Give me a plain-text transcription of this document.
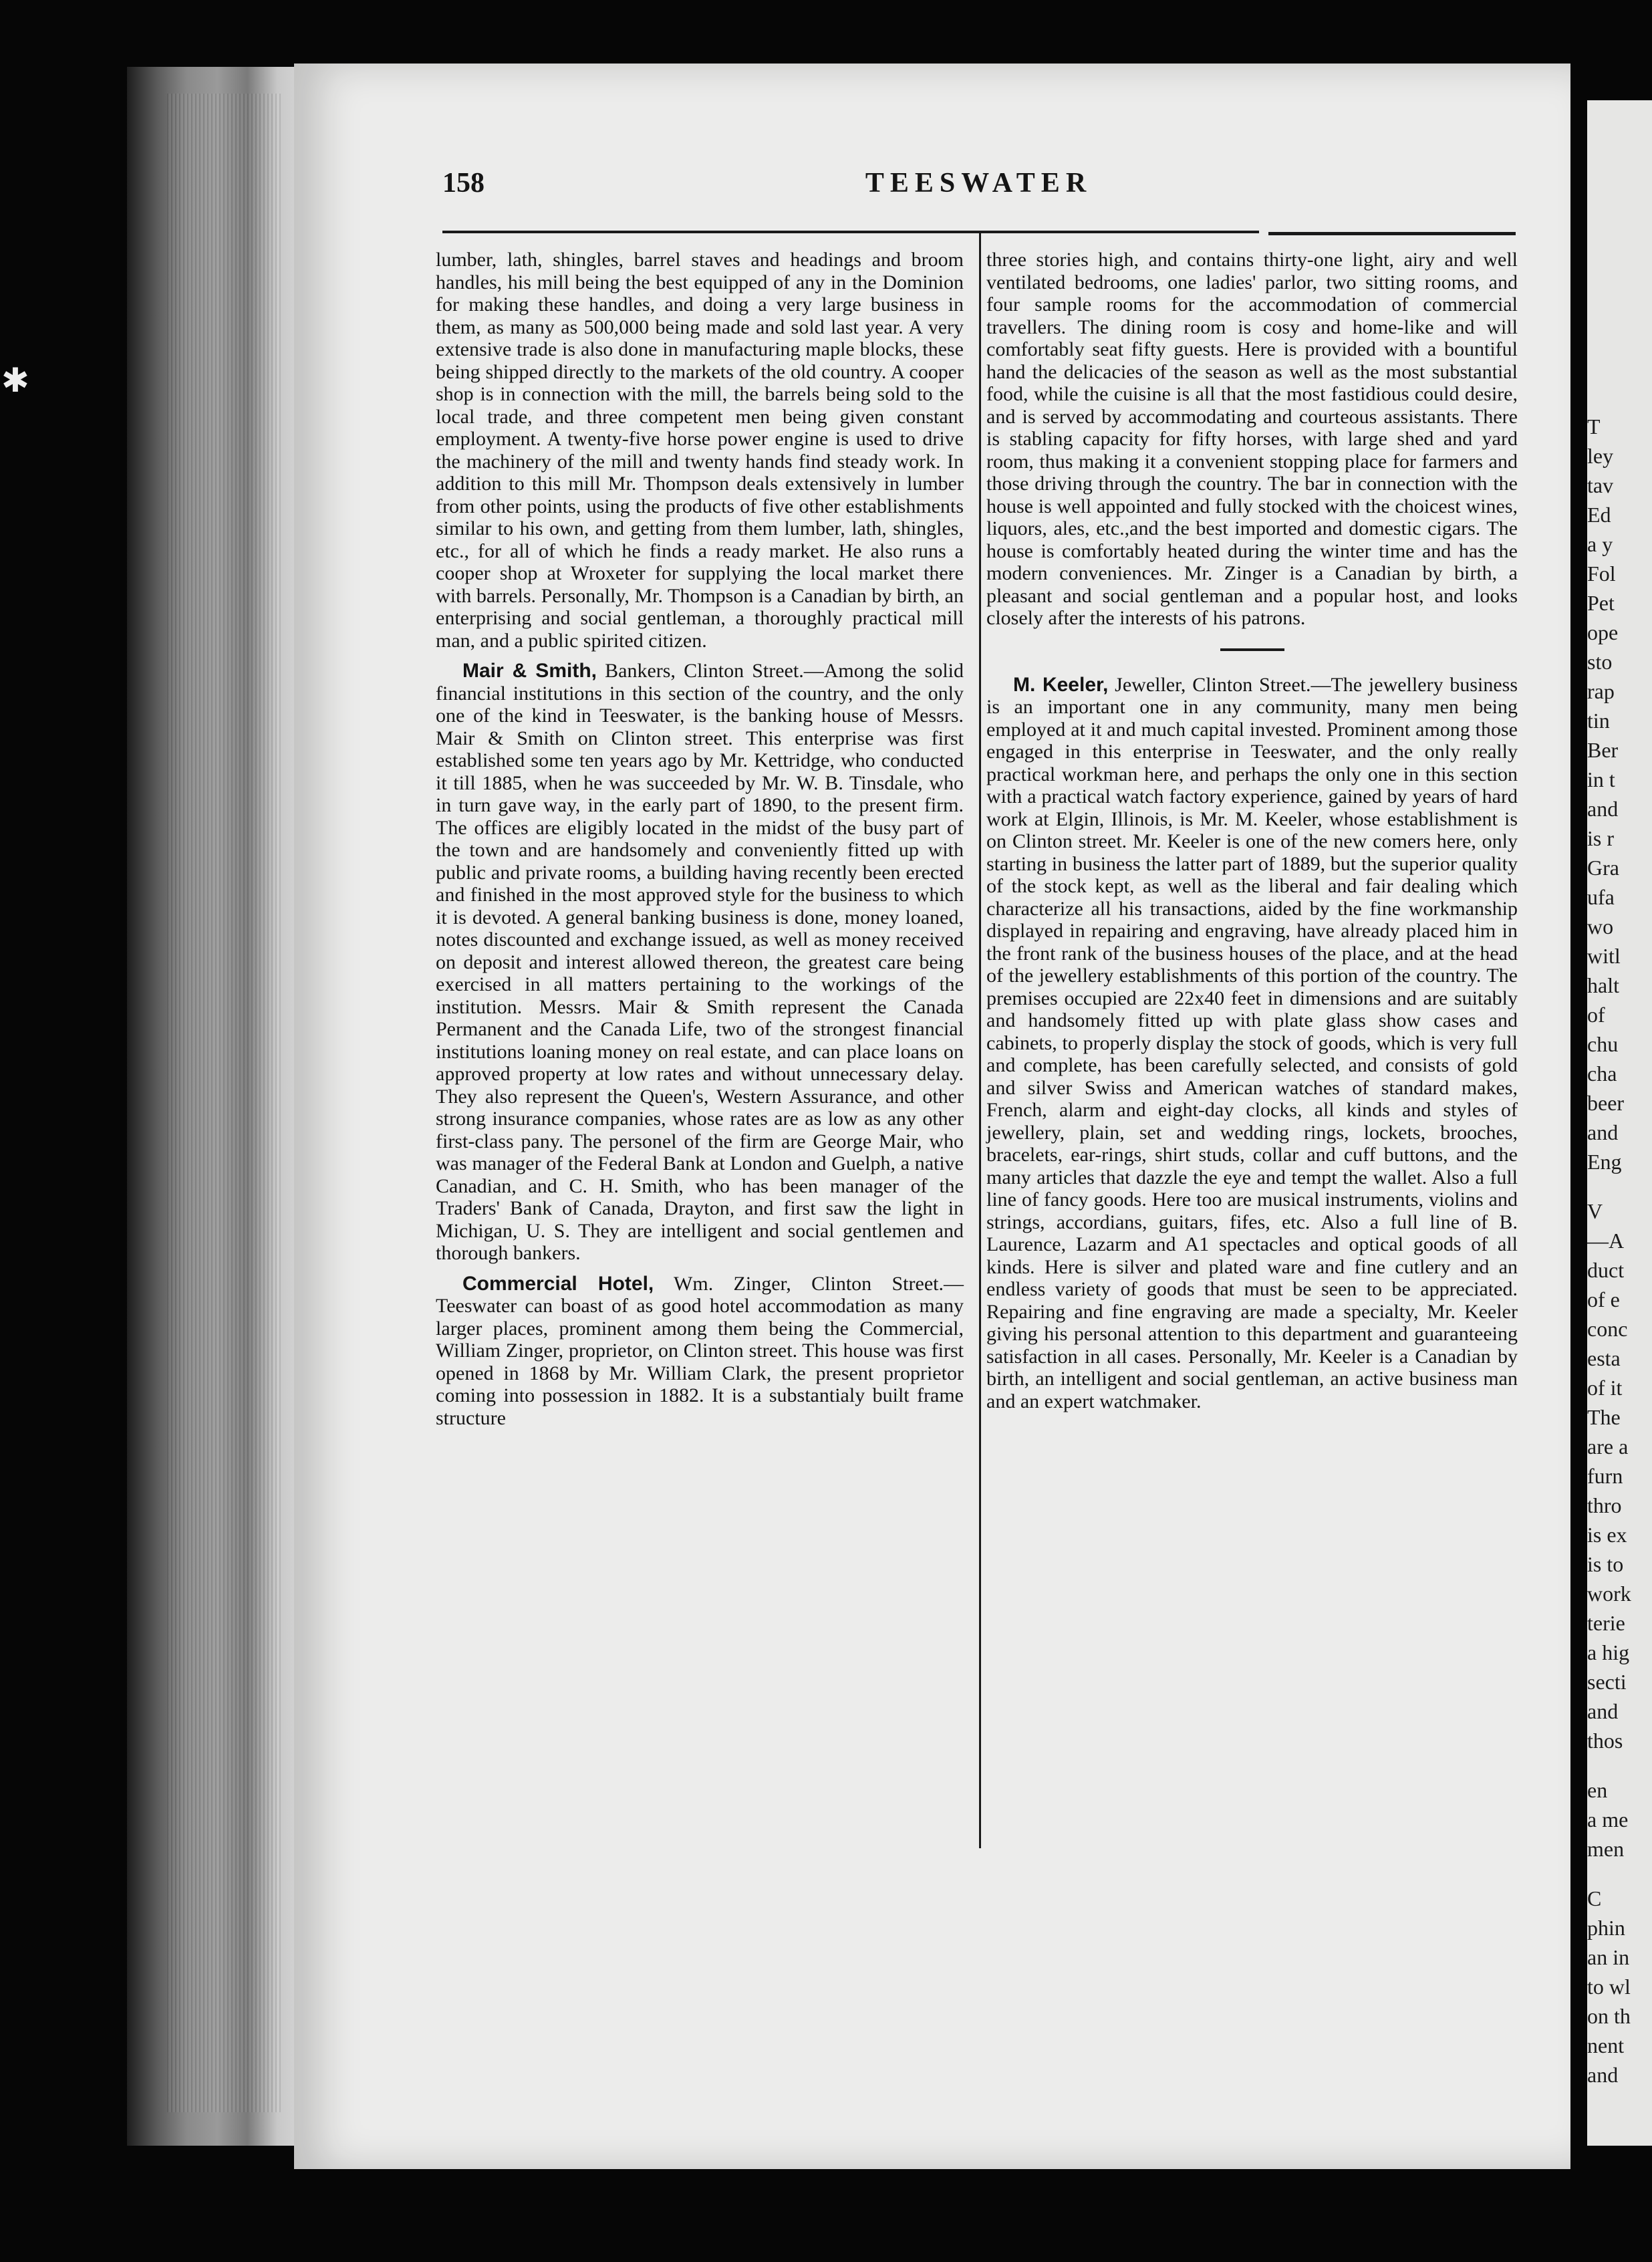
✱
158	TEESWATER

lumber, lath, shingles, barrel staves and headings and broom handles, his mill being the best equipped of any in the Dominion for making these handles, and doing a very large business in them, as many as 500,000 being made and sold last year. A very extensive trade is also done in manufacturing maple blocks, these being shipped directly to the markets of the old country. A cooper shop is in connection with the mill, the barrels being sold to the local trade, and three competent men being given constant employment. A twenty-five horse power engine is used to drive the machinery of the mill and twenty hands find steady work. In addition to this mill Mr. Thompson deals extensively in lumber from other points, using the products of five other establishments similar to his own, and getting from them lumber, lath, shingles, etc., for all of which he finds a ready market. He also runs a cooper shop at Wroxeter for supplying the local market there with barrels. Personally, Mr. Thompson is a Canadian by birth, an enterprising and social gentleman, a thoroughly practical mill man, and a public spirited citizen.

Mair & Smith, Bankers, Clinton Street.—Among the solid financial institutions in this section of the country, and the only one of the kind in Teeswater, is the banking house of Messrs. Mair & Smith on Clinton street. This enterprise was first established some ten years ago by Mr. Kettridge, who conducted it till 1885, when he was succeeded by Mr. W. B. Tinsdale, who in turn gave way, in the early part of 1890, to the present firm. The offices are eligibly located in the midst of the busy part of the town and are handsomely and conveniently fitted up with public and private rooms, a building having recently been erected and finished in the most approved style for the business to which it is devoted. A general banking business is done, money loaned, notes discounted and exchange issued, as well as money received on deposit and interest allowed thereon, the greatest care being exercised in all matters pertaining to the workings of the institution. Messrs. Mair & Smith represent the Canada Permanent and the Canada Life, two of the strongest financial institutions loaning money on real estate, and can place loans on approved property at low rates and without unnecessary delay. They also represent the Queen's, Western Assurance, and other strong insurance companies, whose rates are as low as any other first-class pany. The personel of the firm are George Mair, who was manager of the Federal Bank at London and Guelph, a native Canadian, and C. H. Smith, who has been manager of the Traders' Bank of Canada, Drayton, and first saw the light in Michigan, U. S. They are intelligent and social gentlemen and thorough bankers.

Commercial Hotel, Wm. Zinger, Clinton Street.—Teeswater can boast of as good hotel accommodation as many larger places, prominent among them being the Commercial, William Zinger, proprietor, on Clinton street. This house was first opened in 1868 by Mr. William Clark, the present proprietor coming into possession in 1882. It is a substantialy built frame structure

three stories high, and contains thirty-one light, airy and well ventilated bedrooms, one ladies' parlor, two sitting rooms, and four sample rooms for the accommodation of commercial travellers. The dining room is cosy and home-like and will comfortably seat fifty guests. Here is provided with a bountiful hand the delicacies of the season as well as the most substantial food, while the cuisine is all that the most fastidious could desire, and is served by accommodating and courteous assistants. There is stabling capacity for fifty horses, with large shed and yard room, thus making it a convenient stopping place for farmers and those driving through the country. The bar in connection with the house is well appointed and fully stocked with the choicest wines, liquors, ales, etc.,and the best imported and domestic cigars. The house is comfortably heated during the winter time and has the modern conveniences. Mr. Zinger is a Canadian by birth, a pleasant and social gentleman and a popular host, and looks closely after the interests of his patrons.

M. Keeler, Jeweller, Clinton Street.—The jewellery business is an important one in any community, many men being employed at it and much capital invested. Prominent among those engaged in this enterprise in Teeswater, and the only really practical workman here, and perhaps the only one in this section with a practical watch factory experience, gained by years of hard work at Elgin, Illinois, is Mr. M. Keeler, whose establishment is on Clinton street. Mr. Keeler is one of the new comers here, only starting in business the latter part of 1889, but the superior quality of the stock kept, as well as the liberal and fair dealing which characterize all his transactions, aided by the fine workmanship displayed in repairing and engraving, have already placed him in the front rank of the business houses of the place, and at the head of the jewellery establishments of this portion of the country. The premises occupied are 22x40 feet in dimensions and are suitably and handsomely fitted up with plate glass show cases and cabinets, to properly display the stock of goods, which is very full and complete, has been carefully selected, and consists of gold and silver Swiss and American watches of standard makes, French, alarm and eight-day clocks, all kinds and styles of jewellery, plain, set and wedding rings, lockets, brooches, bracelets, ear-rings, shirt studs, collar and cuff buttons, and the many articles that dazzle the eye and tempt the wallet. Also a full line of fancy goods. Here too are musical instruments, violins and strings, accordians, guitars, fifes, etc. Also a full line of B. Laurence, Lazarm and A1 spectacles and optical goods of all kinds. Here is silver and plated ware and fine cutlery and an endless variety of goods that must be seen to be appreciated. Repairing and fine engraving are made a specialty, Mr. Keeler giving his personal attention to this department and guaranteeing satisfaction in all cases. Personally, Mr. Keeler is a Canadian by birth, an intelligent and social gentleman, an active business man and an expert watchmaker.

T
ley
tav
Ed
a y
Fol
Pet
ope
sto
rap
tin
Ber
in t
and
is r
Gra
ufa
wo
witl
halt
of
chu
cha
beer
and
Eng
V
—A
duct
of e
conc
esta
of it
The
are a
furn
thro
is ex
is to
work
terie
a hig
secti
and
thos
en
a me
men
C
phin
an in
to wl
on th
nent
and
